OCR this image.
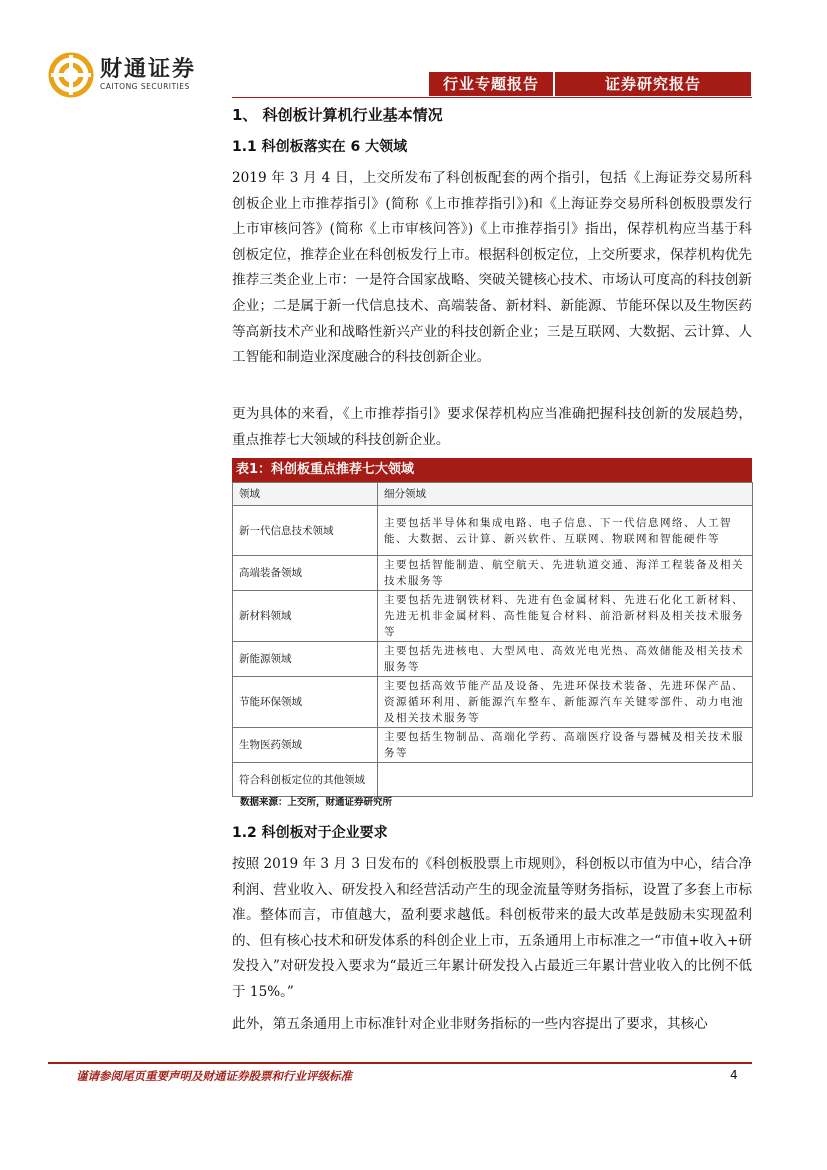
财通证券
CAITONG SECURITIES	行业专题报告	证券研究报告
1、 科创板计算机行业基本情况
1.1 科创板落实在 6 大领域
2019 年 3 月 4 日，上交所发布了科创板配套的两个指引，包括《上海证券交易所科创板企业上市推荐指引》(简称《上市推荐指引》)和《上海证券交易所科创板股票发行上市审核问答》(简称《上市审核问答》)《上市推荐指引》指出，保荐机构应当基于科创板定位，推荐企业在科创板发行上市。根据科创板定位，上交所要求，保荐机构优先推荐三类企业上市：一是符合国家战略、突破关键核心技术、市场认可度高的科技创新企业；二是属于新一代信息技术、高端装备、新材料、新能源、节能环保以及生物医药等高新技术产业和战略性新兴产业的科技创新企业；三是互联网、大数据、云计算、人工智能和制造业深度融合的科技创新企业。
更为具体的来看，《上市推荐指引》要求保荐机构应当准确把握科技创新的发展趋势，重点推荐七大领域的科技创新企业。
表1：科创板重点推荐七大领域
领域	细分领域
新一代信息技术领域	主要包括半导体和集成电路、电子信息、下一代信息网络、人工智能、大数据、云计算、新兴软件、互联网、物联网和智能硬件等
高端装备领域	主要包括智能制造、航空航天、先进轨道交通、海洋工程装备及相关技术服务等
新材料领域	主要包括先进钢铁材料、先进有色金属材料、先进石化化工新材料、先进无机非金属材料、高性能复合材料、前沿新材料及相关技术服务等
新能源领域	主要包括先进核电、大型风电、高效光电光热、高效储能及相关技术服务等
节能环保领域	主要包括高效节能产品及设备、先进环保技术装备、先进环保产品、资源循环利用、新能源汽车整车、新能源汽车关键零部件、动力电池及相关技术服务等
生物医药领域	主要包括生物制品、高端化学药、高端医疗设备与器械及相关技术服务等
符合科创板定位的其他领域	
数据来源：上交所，财通证券研究所
1.2 科创板对于企业要求
按照 2019 年 3 月 3 日发布的《科创板股票上市规则》，科创板以市值为中心，结合净利润、营业收入、研发投入和经营活动产生的现金流量等财务指标，设置了多套上市标准。整体而言，市值越大，盈利要求越低。科创板带来的最大改革是鼓励未实现盈利的、但有核心技术和研发体系的科创企业上市，五条通用上市标准之一“市值+收入+研发投入”对研发投入要求为“最近三年累计研发投入占最近三年累计营业收入的比例不低于 15%。”
此外，第五条通用上市标准针对企业非财务指标的一些内容提出了要求，其核心
谨请参阅尾页重要声明及财通证券股票和行业评级标准	4
